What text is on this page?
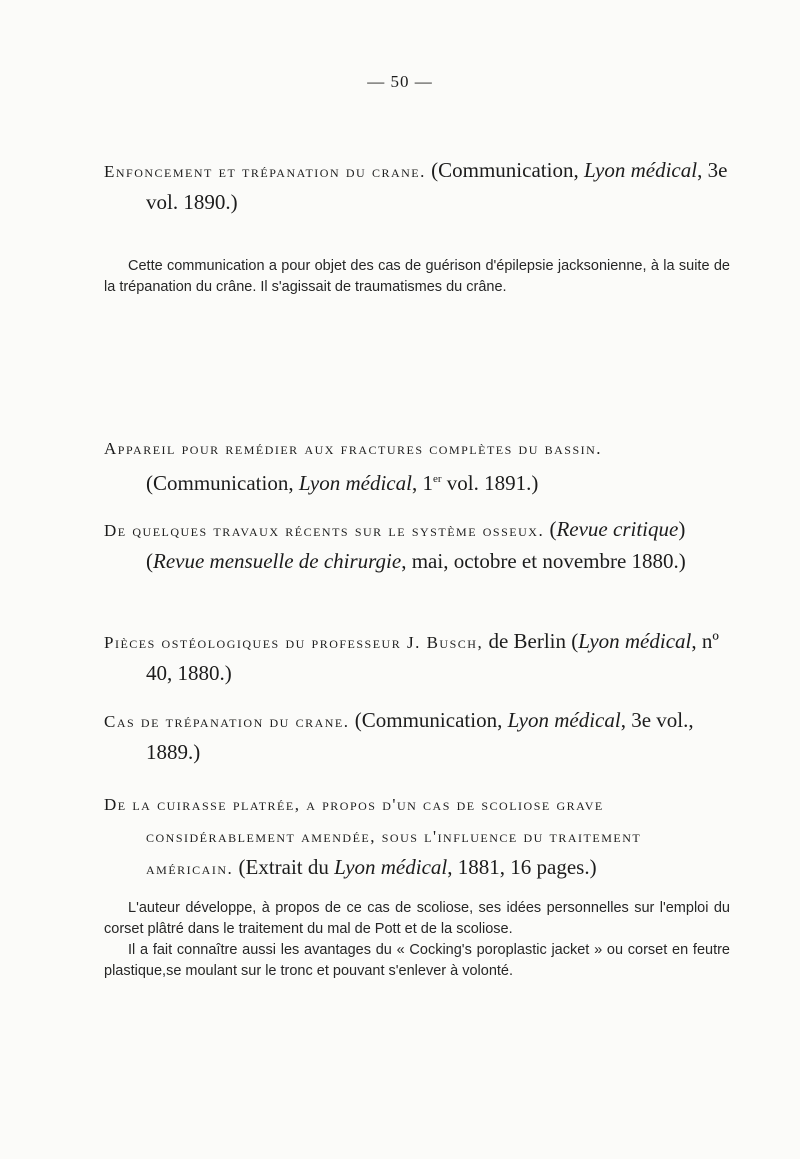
— 50 —
Enfoncement et trépanation du crane. (Communication, Lyon médical, 3e vol. 1890.)

Cette communication a pour objet des cas de guérison d'épilepsie jacksonienne, à la suite de la trépanation du crâne. Il s'agissait de traumatismes du crâne.

Appareil pour remédier aux fractures complètes du bassin. (Communication, Lyon médical, 1er vol. 1891.)
De quelques travaux récents sur le système osseux. (Revue critique) (Revue mensuelle de chirurgie, mai, octobre et novembre 1880.)
Pièces ostéologiques du professeur J. Busch, de Berlin (Lyon médical, nº 40, 1880.)
Cas de trépanation du crane. (Communication, Lyon médical, 3e vol., 1889.)
De la cuirasse platrée, a propos d'un cas de scoliose grave considérablement amendée, sous l'influence du traitement américain. (Extrait du Lyon médical, 1881, 16 pages.)

L'auteur développe, à propos de ce cas de scoliose, ses idées personnelles sur l'emploi du corset plâtré dans le traitement du mal de Pott et de la scoliose.

Il a fait connaître aussi les avantages du « Cocking's poroplastic jacket » ou corset en feutre plastique,se moulant sur le tronc et pouvant s'enlever à volonté.
